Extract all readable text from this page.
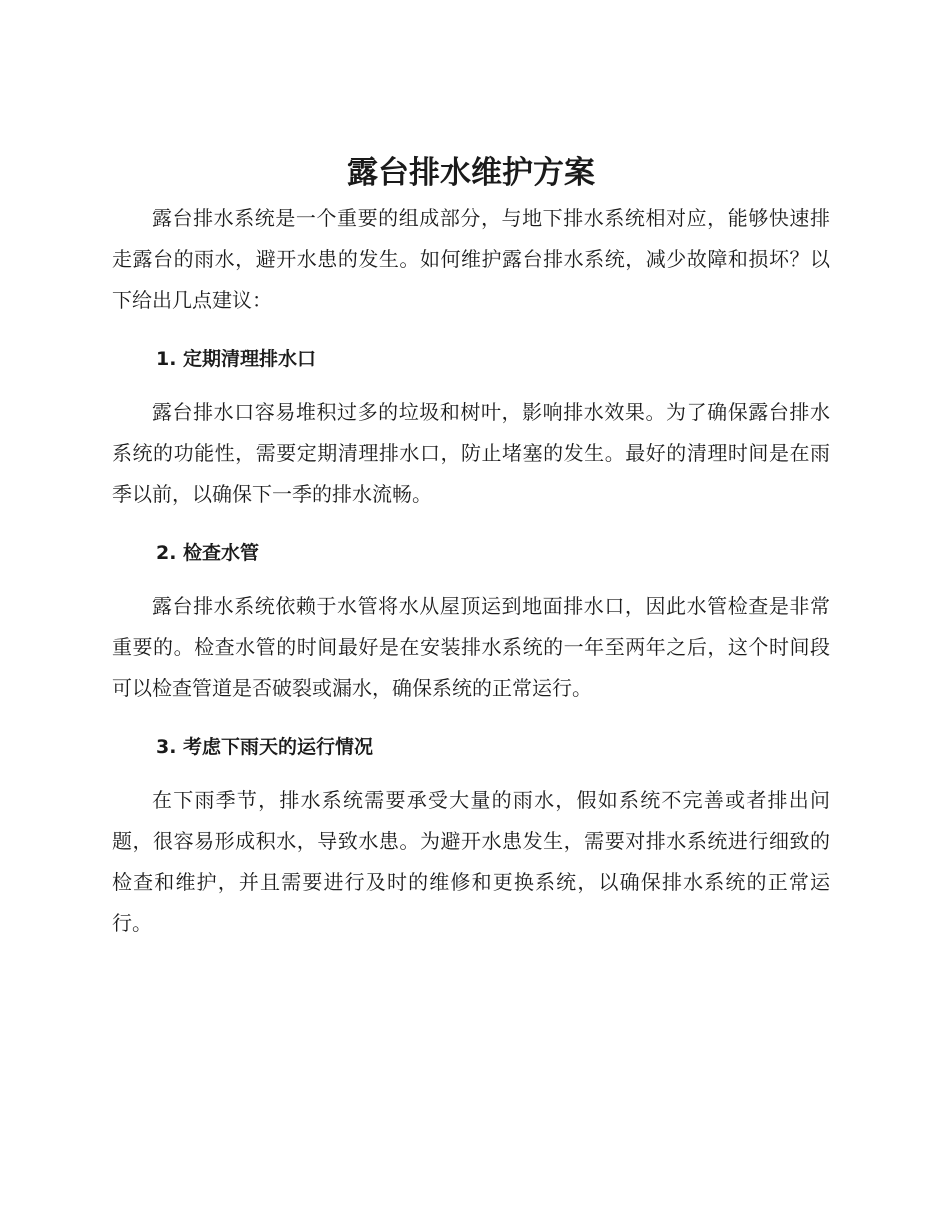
露台排水维护方案

露台排水系统是一个重要的组成部分，与地下排水系统相对应，能够快速排走露台的雨水，避开水患的发生。如何维护露台排水系统，减少故障和损坏？以下给出几点建议：

1. 定期清理排水口

露台排水口容易堆积过多的垃圾和树叶，影响排水效果。为了确保露台排水系统的功能性，需要定期清理排水口，防止堵塞的发生。最好的清理时间是在雨季以前，以确保下一季的排水流畅。

2. 检查水管

露台排水系统依赖于水管将水从屋顶运到地面排水口，因此水管检查是非常重要的。检查水管的时间最好是在安装排水系统的一年至两年之后，这个时间段可以检查管道是否破裂或漏水，确保系统的正常运行。

3. 考虑下雨天的运行情况

在下雨季节，排水系统需要承受大量的雨水，假如系统不完善或者排出问题，很容易形成积水，导致水患。为避开水患发生，需要对排水系统进行细致的检查和维护，并且需要进行及时的维修和更换系统，以确保排水系统的正常运行。
